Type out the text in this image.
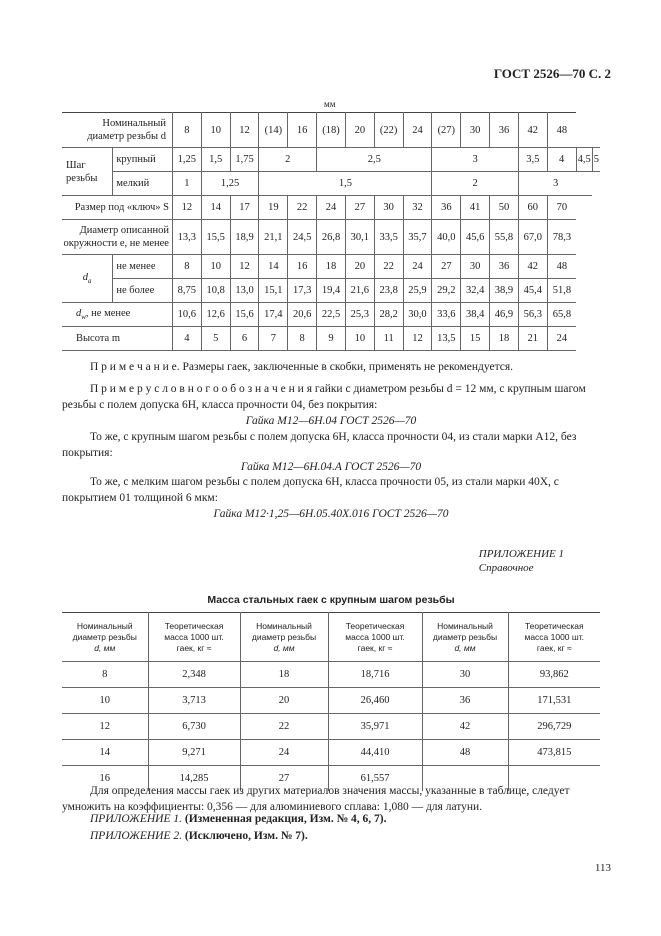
ГОСТ 2526—70 С. 2
мм
Номинальный
диаметр резьбы d		8	10	12	(14)	16	(18)	20	(22)	24	(27)	30	36	42	48		
Шаг
резьбы	крупный	1,25	1,5	1,75	2		2,5				3			3,5	4	4,5	5
	мелкий	1	1,25		1,5						2			3			
Размер под «ключ» S		12	14	17	19	22	24	27	30	32	36	41	50	60	70		
Диаметр описанной
окружности е, не менее		13,3	15,5	18,9	21,1	24,5	26,8	30,1	33,5	35,7	40,0	45,6	55,8	67,0	78,3		
$d_a$	не менее	8	10	12	14	16	18	20	22	24	27	30	36	42	48		
	не более	8,75	10,8	13,0	15,1	17,3	19,4	21,6	23,8	25,9	29,2	32,4	38,9	45,4	51,8		
$d_w$, не менее		10,6	12,6	15,6	17,4	20,6	22,5	25,3	28,2	30,0	33,6	38,4	46,9	56,3	65,8		
Высота m		4	5	6	7	8	9	10	11	12	13,5	15	18	21	24		
П р и м е ч а н и е. Размеры гаек, заключенные в скобки, применять не рекомендуется.
П р и м е р у с л о в н о г о о б о з н а ч е н и я гайки с диаметром резьбы d = 12 мм, с крупным шагом резьбы с полем допуска 6Н, класса прочности 04, без покрытия:
Гайка М12—6Н.04 ГОСТ 2526—70
То же, с крупным шагом резьбы с полем допуска 6Н, класса прочности 04, из стали марки А12, без покрытия:
Гайка М12—6Н.04.А ГОСТ 2526—70
То же, с мелким шагом резьбы с полем допуска 6Н, класса прочности 05, из стали марки 40Х, с покрытием 01 толщиной 6 мкм:
Гайка М12·1,25—6Н.05.40Х.016 ГОСТ 2526—70
ПРИЛОЖЕНИЕ 1
Справочное
Масса стальных гаек с крупным шагом резьбы
Номинальный
диаметр резьбы
d, мм	Теоретическая
масса 1000 шт.
гаек, кг ≈	Номинальный
диаметр резьбы
d, мм	Теоретическая
масса 1000 шт.
гаек, кг ≈	Номинальный
диаметр резьбы
d, мм	Теоретическая
масса 1000 шт.
гаек, кг ≈
8	2,348	18	18,716	30	93,862
10	3,713	20	26,460	36	171,531
12	6,730	22	35,971	42	296,729
14	9,271	24	44,410	48	473,815
16	14,285	27	61,557		
Для определения массы гаек из других материалов значения массы, указанные в таблице, следует умножить на коэффициенты: 0,356 — для алюминиевого сплава: 1,080 — для латуни.
ПРИЛОЖЕНИЕ 1. (Измененная редакция, Изм. № 4, 6, 7).
ПРИЛОЖЕНИЕ 2. (Исключено, Изм. № 7).
113
